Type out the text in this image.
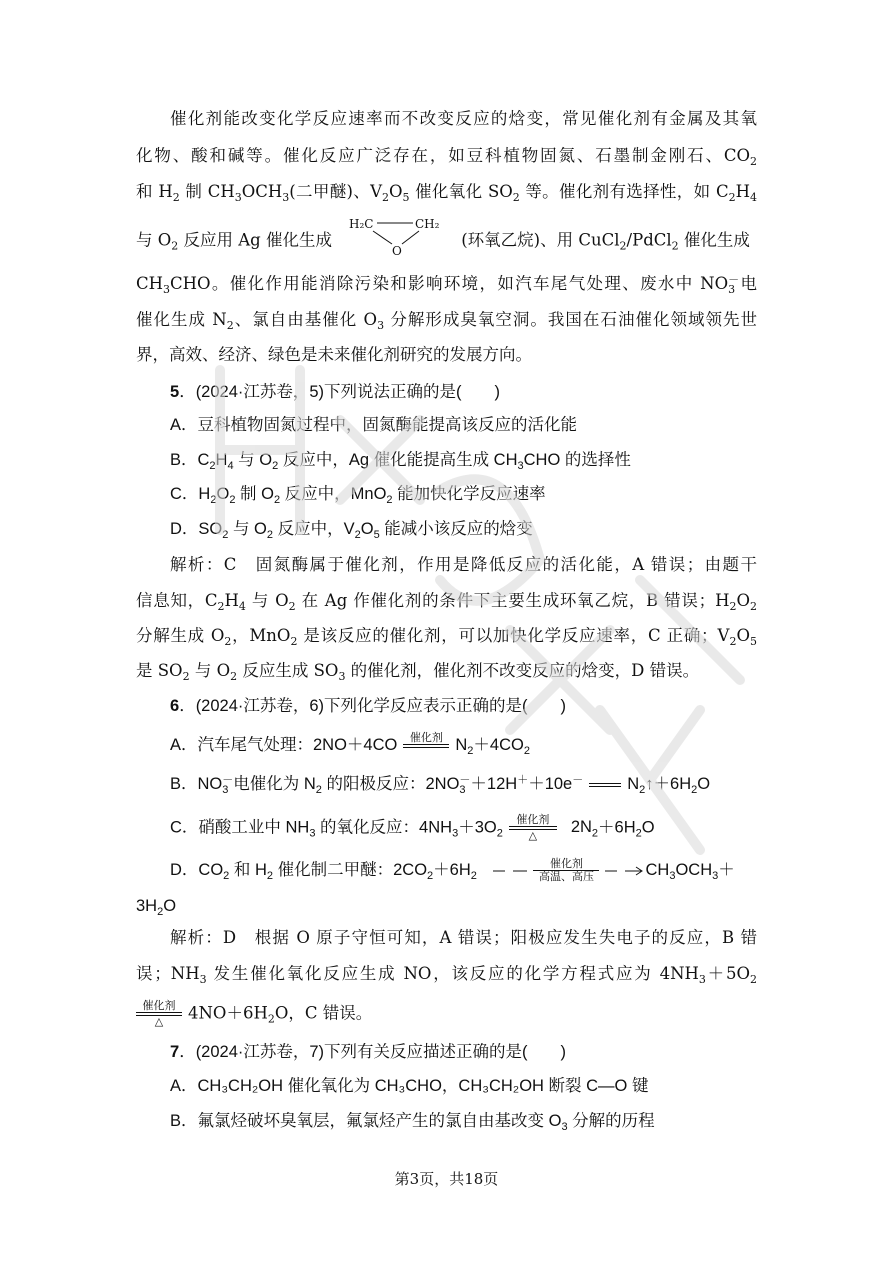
催化剂能改变化学反应速率而不改变反应的焓变，常见催化剂有金属及其氧
化物、酸和碱等。催化反应广泛存在，如豆科植物固氮、石墨制金刚石、$CO_2$
和 $H_2$ 制 $CH_3OCH_3$(二甲醚)、$V_2O_5$ 催化氧化 $SO_2$ 等。催化剂有选择性，如 $C_2H_4$
与 $O_2$ 反应用 Ag 催化生成
H₂C	CH₂
O
(环氧乙烷)、用 CuCl$_2$/PdCl$_2$ 催化生成
$CH_3CHO$。催化作用能消除污染和影响环境，如汽车尾气处理、废水中 NO －
3 电
催化生成 $N_2$、氯自由基催化 $O_3$ 分解形成臭氧空洞。我国在石油催化领域领先世
界，高效、经济、绿色是未来催化剂研究的发展方向。
5．(2024·江苏卷，5)下列说法正确的是(　　)
A．豆科植物固氮过程中，固氮酶能提高该反应的活化能
B．$C_2H_4$ 与 $O_2$ 反应中，Ag 催化能提高生成 $CH_3CHO$ 的选择性
C．$H_2O_2$ 制 $O_2$ 反应中，MnO$_2$ 能加快化学反应速率
D．$SO_2$ 与 $O_2$ 反应中，$V_2O_5$ 能减小该反应的焓变
解析：C　固氮酶属于催化剂，作用是降低反应的活化能，A 错误；由题干
信息知，$C_2H_4$ 与 $O_2$ 在 Ag 作催化剂的条件下主要生成环氧乙烷，B 错误；$H_2O_2$
分解生成 $O_2$，MnO$_2$ 是该反应的催化剂，可以加快化学反应速率，C 正确；$V_2O_5$
是 $SO_2$ 与 $O_2$ 反应生成 $SO_3$ 的催化剂，催化剂不改变反应的焓变，D 错误。
6．(2024·江苏卷，6)下列化学反应表示正确的是(　　)
A．汽车尾气处理：2NO＋4CO	催化剂 $N_2+4CO_2$
B．NO －
3 电催化为 $N_2$ 的阳极反应：2NO －
3 ＋12H＋＋10e－	$N_2↑+6H_2O$
C．硝酸工业中 $NH_3$ 的氧化反应：$4NH_3+3O_2$
催化剂
△	$2N_2+6H_2O$
D．$CO_2$ 和 $H_2$ 催化制二甲醚：$2CO_2+6H_2$
催化剂
高温、高压	$CH_3OCH_3+$
$3H_2O$
解析：D　根据 O 原子守恒可知，A 错误；阳极应发生失电子的反应，B 错
误；$NH_3$ 发生催化氧化反应生成 NO，该反应的化学方程式应为 $4NH_3+5O_2$
催化剂
△	$4NO+6H_2O$，C 错误。
7．(2024·江苏卷，7)下列有关反应描述正确的是(　　)
A．CH₃CH₂OH 催化氧化为 CH₃CHO，CH₃CH₂OH 断裂 C—O 键
B．氟氯烃破坏臭氧层，氟氯烃产生的氯自由基改变 $O_3$ 分解的历程
第3页，共18页
